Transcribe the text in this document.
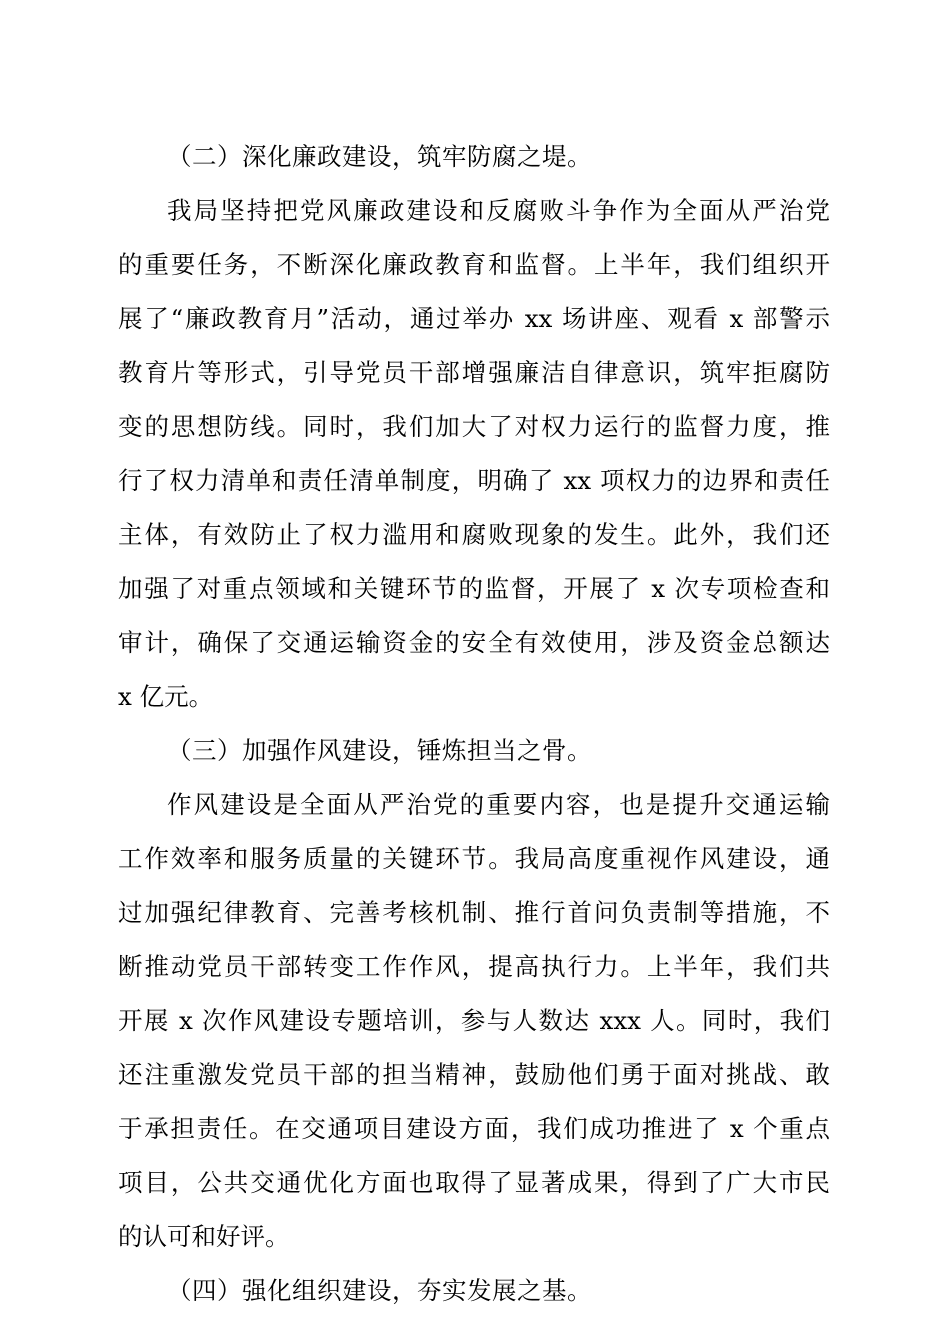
（二）深化廉政建设，筑牢防腐之堤。
我局坚持把党风廉政建设和反腐败斗争作为全面从严治党
的重要任务，不断深化廉政教育和监督。上半年，我们组织开
展了“廉政教育月”活动，通过举办 xx 场讲座、观看 x 部警示
教育片等形式，引导党员干部增强廉洁自律意识，筑牢拒腐防
变的思想防线。同时，我们加大了对权力运行的监督力度，推
行了权力清单和责任清单制度，明确了 xx 项权力的边界和责任
主体，有效防止了权力滥用和腐败现象的发生。此外，我们还
加强了对重点领域和关键环节的监督，开展了 x 次专项检查和
审计，确保了交通运输资金的安全有效使用，涉及资金总额达
x 亿元。
（三）加强作风建设，锤炼担当之骨。
作风建设是全面从严治党的重要内容，也是提升交通运输
工作效率和服务质量的关键环节。我局高度重视作风建设，通
过加强纪律教育、完善考核机制、推行首问负责制等措施，不
断推动党员干部转变工作作风，提高执行力。上半年，我们共
开展 x 次作风建设专题培训，参与人数达 xxx 人。同时，我们
还注重激发党员干部的担当精神，鼓励他们勇于面对挑战、敢
于承担责任。在交通项目建设方面，我们成功推进了 x 个重点
项目，公共交通优化方面也取得了显著成果，得到了广大市民
的认可和好评。
（四）强化组织建设，夯实发展之基。
